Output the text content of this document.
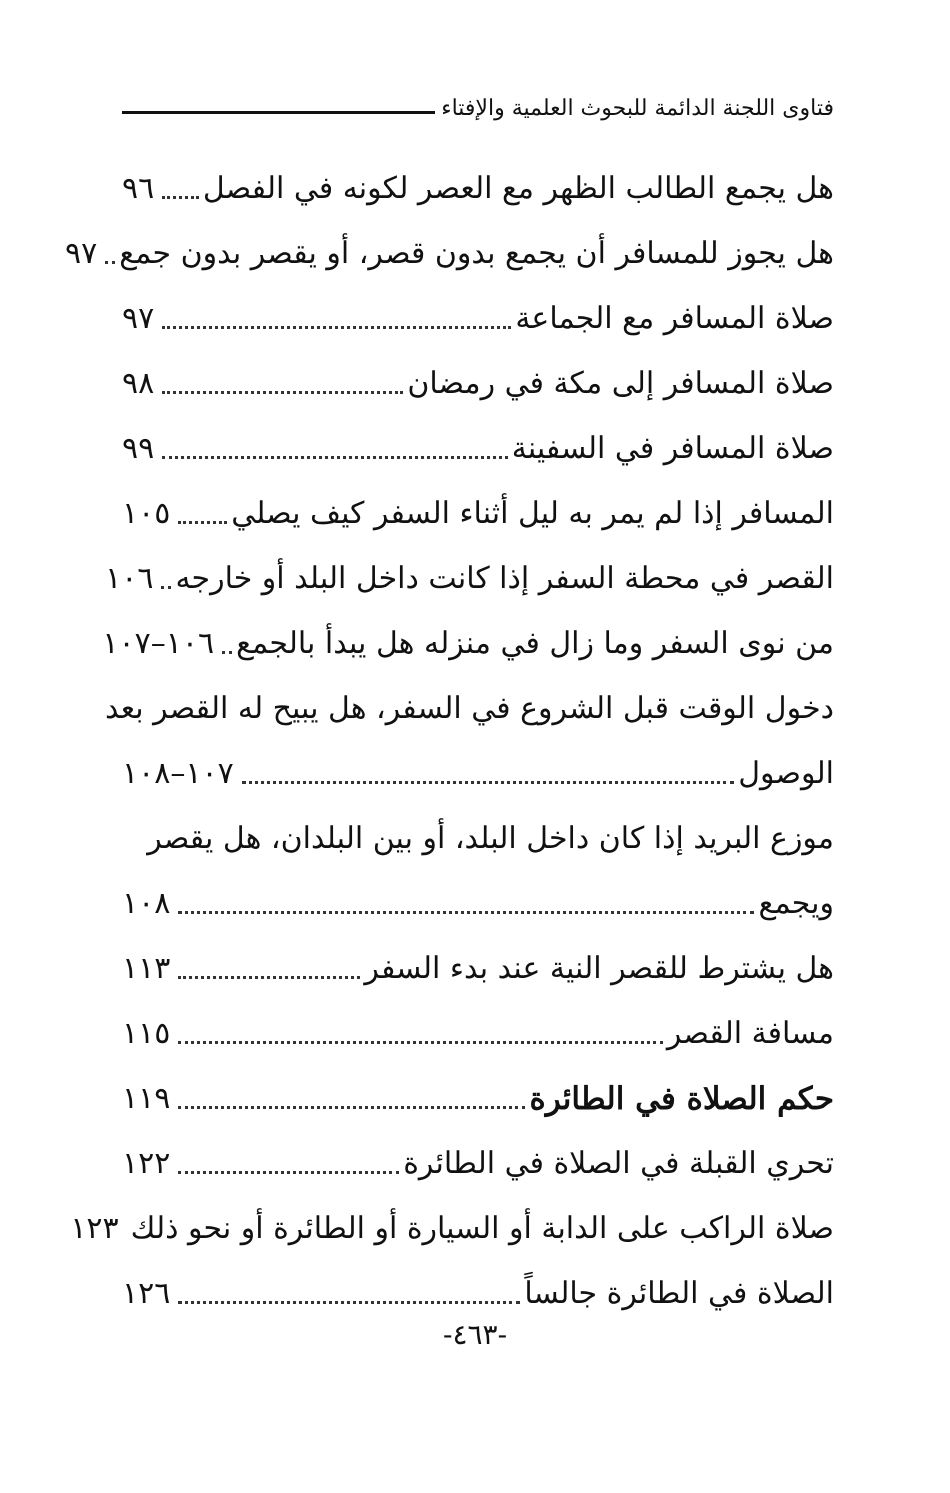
فتاوى اللجنة الدائمة للبحوث العلمية والإفتاء
هل يجمع الطالب الظهر مع العصر لكونه في الفصل
٩٦
هل يجوز للمسافر أن يجمع بدون قصر، أو يقصر بدون جمع
٩٧
صلاة المسافر مع الجماعة
٩٧
صلاة المسافر إلى مكة في رمضان
٩٨
صلاة المسافر في السفينة
٩٩
المسافر إذا لم يمر به ليل أثناء السفر كيف يصلي
١٠٥
القصر في محطة السفر إذا كانت داخل البلد أو خارجه
١٠٦
من نوى السفر وما زال في منزله هل يبدأ بالجمع
١٠٦–١٠٧
دخول الوقت قبل الشروع في السفر، هل يبيح له القصر بعد
الوصول
١٠٧–١٠٨
موزع البريد إذا كان داخل البلد، أو بين البلدان، هل يقصر
ويجمع
١٠٨
هل يشترط للقصر النية عند بدء السفر
١١٣
مسافة القصر
١١٥
حكم الصلاة في الطائرة
١١٩
تحري القبلة في الصلاة في الطائرة
١٢٢
صلاة الراكب على الدابة أو السيارة أو الطائرة أو نحو ذلك
١٢٣
الصلاة في الطائرة جالساً
١٢٦
-٤٦٣-
